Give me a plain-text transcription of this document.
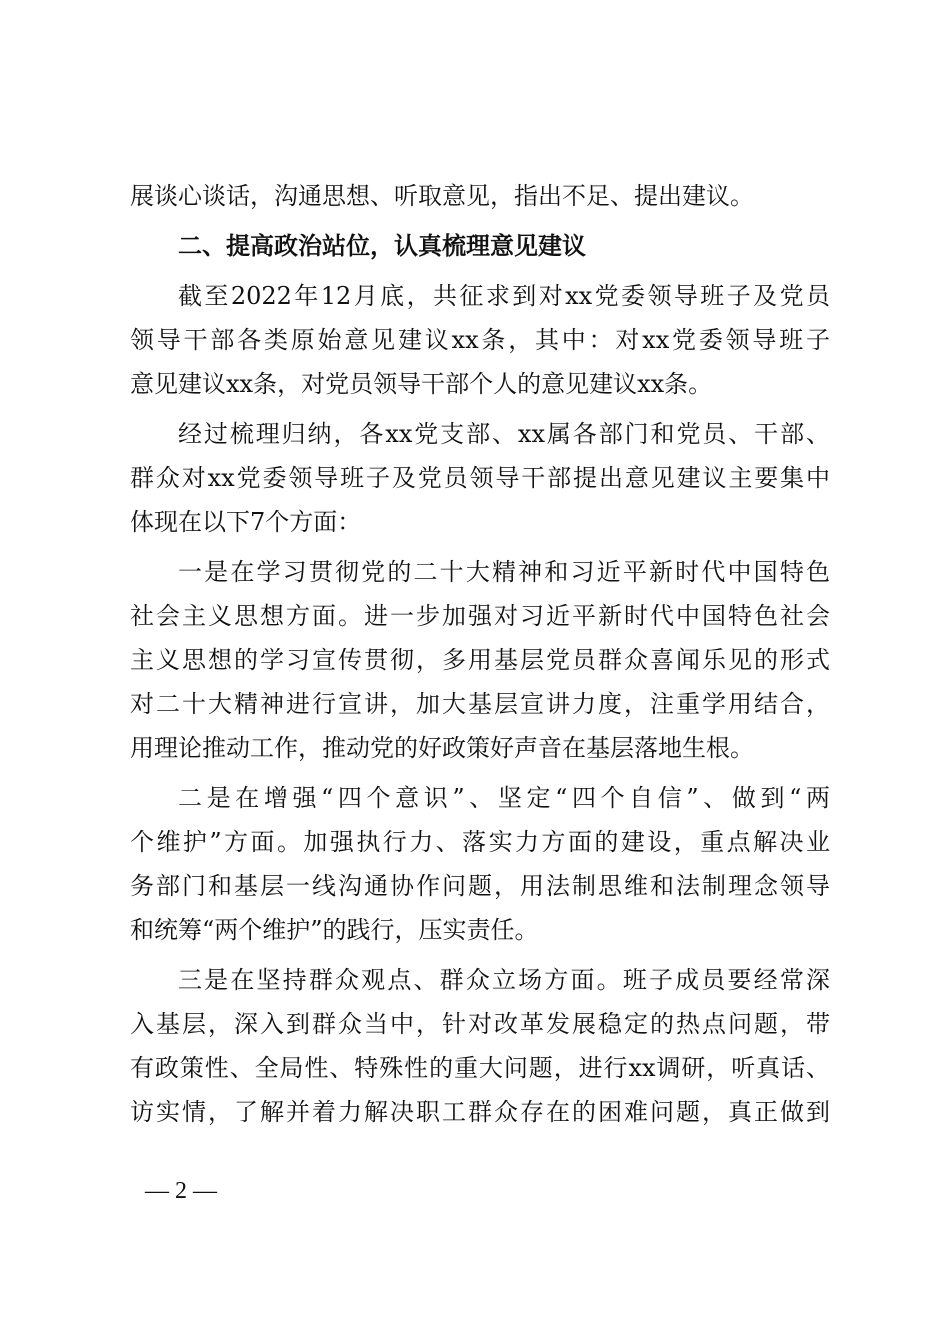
展谈心谈话，沟通思想、听取意见，指出不足、提出建议。
二、提高政治站位，认真梳理意见建议
截至2022年12月底，共征求到对xx党委领导班子及党员
领导干部各类原始意见建议xx条，其中：对xx党委领导班子
意见建议xx条，对党员领导干部个人的意见建议xx条。
经过梳理归纳，各xx党支部、xx属各部门和党员、干部、
群众对xx党委领导班子及党员领导干部提出意见建议主要集中
体现在以下7个方面：
一是在学习贯彻党的二十大精神和习近平新时代中国特色
社会主义思想方面。进一步加强对习近平新时代中国特色社会
主义思想的学习宣传贯彻，多用基层党员群众喜闻乐见的形式
对二十大精神进行宣讲，加大基层宣讲力度，注重学用结合，
用理论推动工作，推动党的好政策好声音在基层落地生根。
二是在增强“四个意识”、坚定“四个自信”、做到“两
个维护”方面。加强执行力、落实力方面的建设，重点解决业
务部门和基层一线沟通协作问题，用法制思维和法制理念领导
和统筹“两个维护”的践行，压实责任。
三是在坚持群众观点、群众立场方面。班子成员要经常深
入基层，深入到群众当中，针对改革发展稳定的热点问题，带
有政策性、全局性、特殊性的重大问题，进行xx调研，听真话、
访实情，了解并着力解决职工群众存在的困难问题，真正做到
— 2 —
